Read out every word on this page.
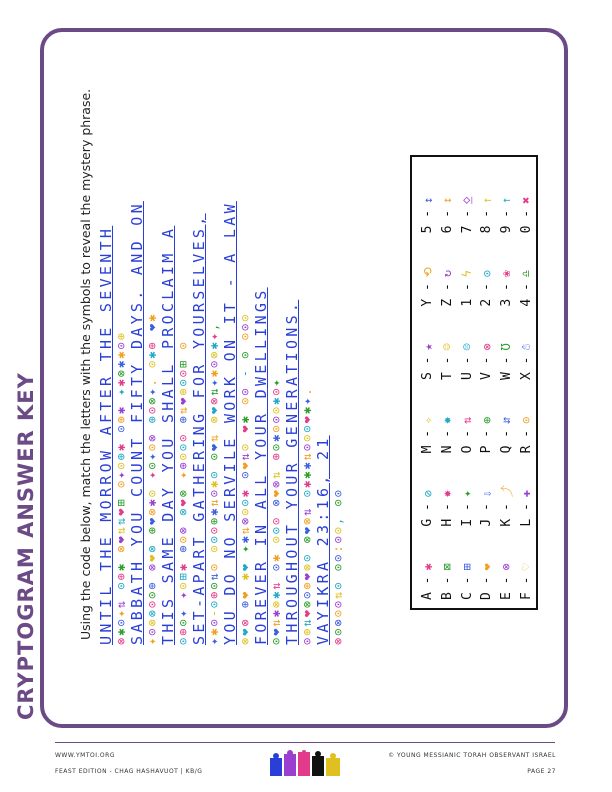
CRYPTOGRAM ANSWER KEY	Using the code below, match the letters with the symbols to reveal the mystery phrase. UNTIL THE MORROW AFTER THE SEVENTH ⊗✱⊙✦⇅ ⊙⊕✱ ⊗❤⇅⇅❤⊞ ⊙✦⊙⊕✱ ⊙⊕✱ ✦✱⊗✱✱⊙⊕ SABBATH YOU COUNT FIFTY DAYS. AND ON ✦⊙⊗⊗⊙⊙⊕ ⊗❤⊗ ⊕❤⊗✱⊙ ✦⊙✦⊙⊗ ⊕⊙⊗✦. ⊙✱⊕ ❤✱ THIS SAME DAY YOU SHALL PROCLAIM A ⊙⊕⊙✦ ✦⊙⊞✱ ⊕⊙⊗ ⊗❤⊗ ✦⊕⊙⊙⊙ ⊕⇅❤⊕⊙⊙⊞ ⊙ SET-APART GATHERING FOR YOURSELVES, ✦✱⊙-⊙⊕⊙⇅⊙ ⊙⊙⊙⊕✱⇅⊙✱⊙ ⊙❤⇅ ⊗❤⊗⇅✦✱⊙⊗✱✦, YOU DO NO SERVILE WORK ON IT - A LAW ⊗❤⊗ ⊕❤ ✱❤ ✦✱⇅⊗⊙⊙✱ ⊙❤⇅⊙ ❤✱ ⊙⊙ - ⊙ ⊙⊙⊙ FOREVER IN ALL YOUR DWELLINGS ⊙❤⇅✱⊗✱⇅ ⊙✱ ⊙⊙⊙ ⊗❤⊗⇅ ⊕⊙✱⊙⊙⊙✱⊙✦ THROUGHOUT YOUR GENERATIONS. ⊙⊕⇅❤⊗⊙⊕❤⊗⊙ ⊗❤⊗⇅ ⊙✱✱✱⇅⊙⊙⊙❤✱✦.
VAYIKRA 23:16, 21 ⊗⊙⊗⊙⊙⇅⊙ ⊙⊙:⊙⊙, ⊙⊙
A -
✱
G -
⊘
M -
✧
S -
★
Y -
⟲
5 -
↕
B -
⊠
H -
✸
N -
✸
T -
☺
Z -
↻
6 -
↕
C -
⊞
I -
✦
O -
⇅
U -
☹
1 -
ϟ
7 -
⍚
D -
❤
J -
⇩
P -
⊕
V -
⊗
2 -
⊙
8 -
↑
E -
⊗
K -
⤴
Q -
⇵
W -
Ʊ
3 -
❀
9 -
↑
F -
♡
L -
✚
R -
⊙
X -
☃
4 -
♎
0 -
✖
WWW.YMTOI.ORG
FEAST EDITION - CHAG HASHAVUOT | KB/G
© YOUNG MESSIANIC TORAH OBSERVANT ISRAEL
PAGE 27
